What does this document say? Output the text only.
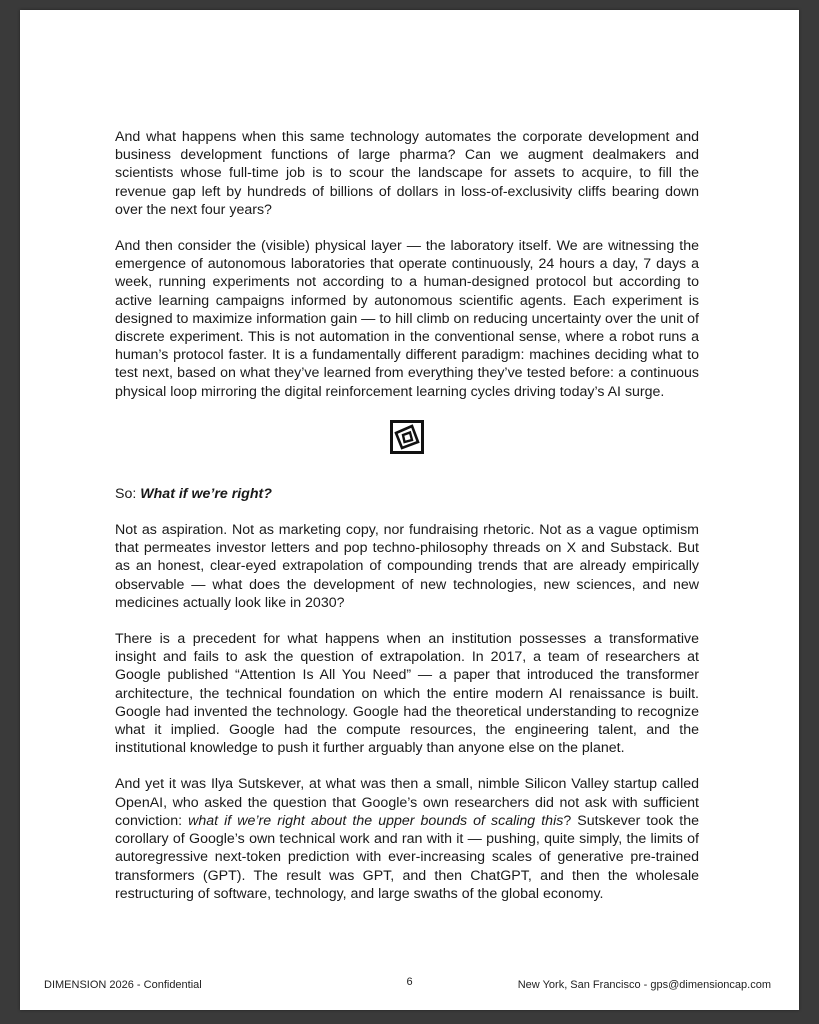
And what happens when this same technology automates the corporate development and business development functions of large pharma? Can we augment dealmakers and scientists whose full-time job is to scour the landscape for assets to acquire, to fill the revenue gap left by hundreds of billions of dollars in loss-of-exclusivity cliffs bearing down over the next four years?

And then consider the (visible) physical layer — the laboratory itself. We are witnessing the emergence of autonomous laboratories that operate continuously, 24 hours a day, 7 days a week, running experiments not according to a human-designed protocol but according to active learning campaigns informed by autonomous scientific agents. Each experiment is designed to maximize information gain — to hill climb on reducing uncertainty over the unit of discrete experiment. This is not automation in the conventional sense, where a robot runs a human’s protocol faster. It is a fundamentally different paradigm: machines deciding what to test next, based on what they’ve learned from everything they’ve tested before: a continuous physical loop mirroring the digital reinforcement learning cycles driving today’s AI surge.

So: What if we’re right?

Not as aspiration. Not as marketing copy, nor fundraising rhetoric. Not as a vague optimism that permeates investor letters and pop techno-philosophy threads on X and Substack. But as an honest, clear-eyed extrapolation of compounding trends that are already empirically observable — what does the development of new technologies, new sciences, and new medicines actually look like in 2030?

There is a precedent for what happens when an institution possesses a transformative insight and fails to ask the question of extrapolation. In 2017, a team of researchers at Google published “Attention Is All You Need” — a paper that introduced the transformer architecture, the technical foundation on which the entire modern AI renaissance is built. Google had invented the technology. Google had the theoretical understanding to recognize what it implied. Google had the compute resources, the engineering talent, and the institutional knowledge to push it further arguably than anyone else on the planet.

And yet it was Ilya Sutskever, at what was then a small, nimble Silicon Valley startup called OpenAI, who asked the question that Google’s own researchers did not ask with sufficient conviction: what if we’re right about the upper bounds of scaling this? Sutskever took the corollary of Google’s own technical work and ran with it — pushing, quite simply, the limits of autoregressive next-token prediction with ever-increasing scales of generative pre-trained transformers (GPT). The result was GPT, and then ChatGPT, and then the wholesale restructuring of software, technology, and large swaths of the global economy.

DIMENSION 2026 - Confidential	6	New York, San Francisco - gps@dimensioncap.com
